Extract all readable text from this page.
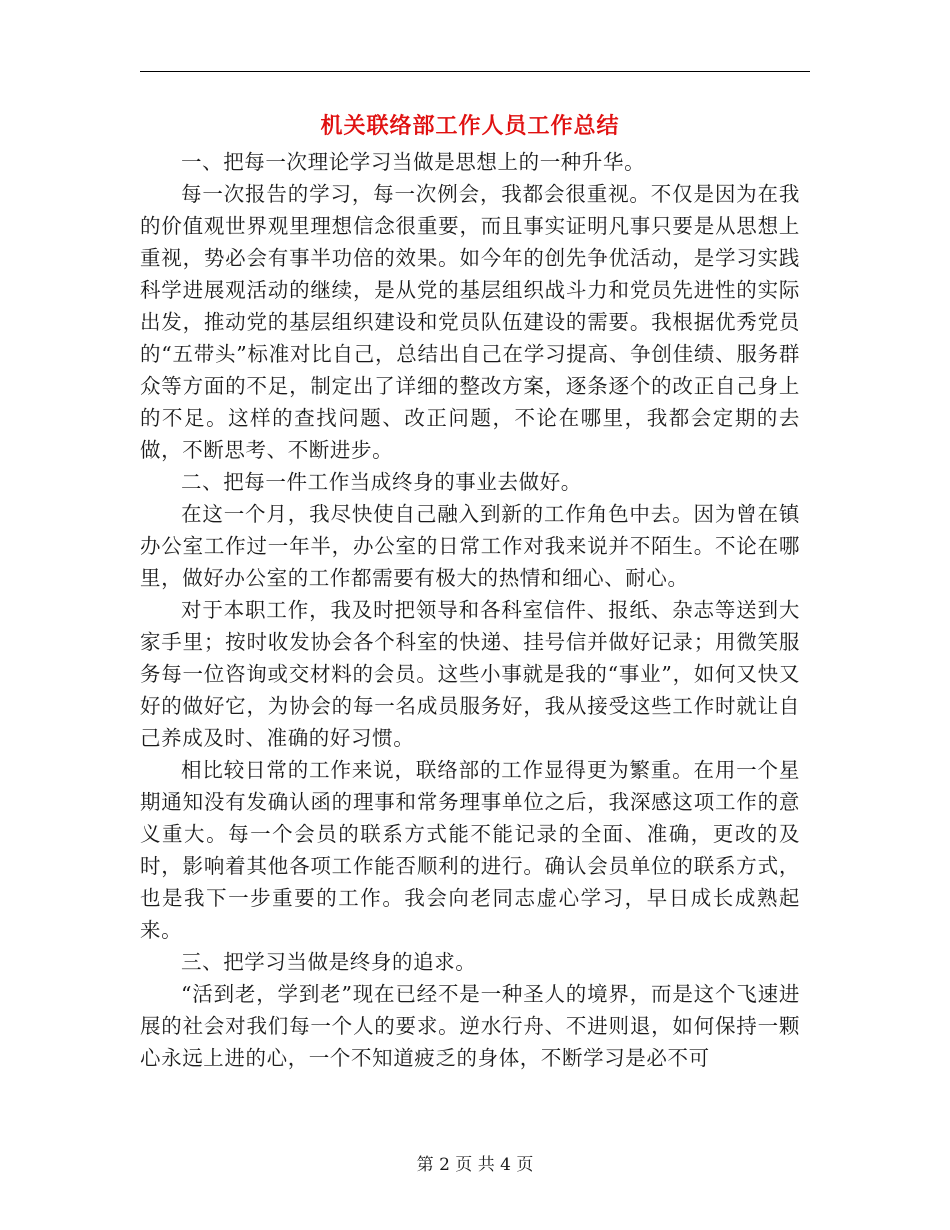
机关联络部工作人员工作总结

一、把每一次理论学习当做是思想上的一种升华。

每一次报告的学习，每一次例会，我都会很重视。不仅是因为在我的价值观世界观里理想信念很重要，而且事实证明凡事只要是从思想上重视，势必会有事半功倍的效果。如今年的创先争优活动，是学习实践科学进展观活动的继续，是从党的基层组织战斗力和党员先进性的实际出发，推动党的基层组织建设和党员队伍建设的需要。我根据优秀党员的“五带头”标准对比自己，总结出自己在学习提高、争创佳绩、服务群众等方面的不足，制定出了详细的整改方案，逐条逐个的改正自己身上的不足。这样的查找问题、改正问题，不论在哪里，我都会定期的去做，不断思考、不断进步。

二、把每一件工作当成终身的事业去做好。

在这一个月，我尽快使自己融入到新的工作角色中去。因为曾在镇办公室工作过一年半，办公室的日常工作对我来说并不陌生。不论在哪里，做好办公室的工作都需要有极大的热情和细心、耐心。

对于本职工作，我及时把领导和各科室信件、报纸、杂志等送到大家手里；按时收发协会各个科室的快递、挂号信并做好记录；用微笑服务每一位咨询或交材料的会员。这些小事就是我的“事业”，如何又快又好的做好它，为协会的每一名成员服务好，我从接受这些工作时就让自己养成及时、准确的好习惯。

相比较日常的工作来说，联络部的工作显得更为繁重。在用一个星期通知没有发确认函的理事和常务理事单位之后，我深感这项工作的意义重大。每一个会员的联系方式能不能记录的全面、准确，更改的及时，影响着其他各项工作能否顺利的进行。确认会员单位的联系方式，也是我下一步重要的工作。我会向老同志虚心学习，早日成长成熟起来。

三、把学习当做是终身的追求。

“活到老，学到老”现在已经不是一种圣人的境界，而是这个飞速进展的社会对我们每一个人的要求。逆水行舟、不进则退，如何保持一颗心永远上进的心，一个不知道疲乏的身体，不断学习是必不可

第 2 页 共 4 页
